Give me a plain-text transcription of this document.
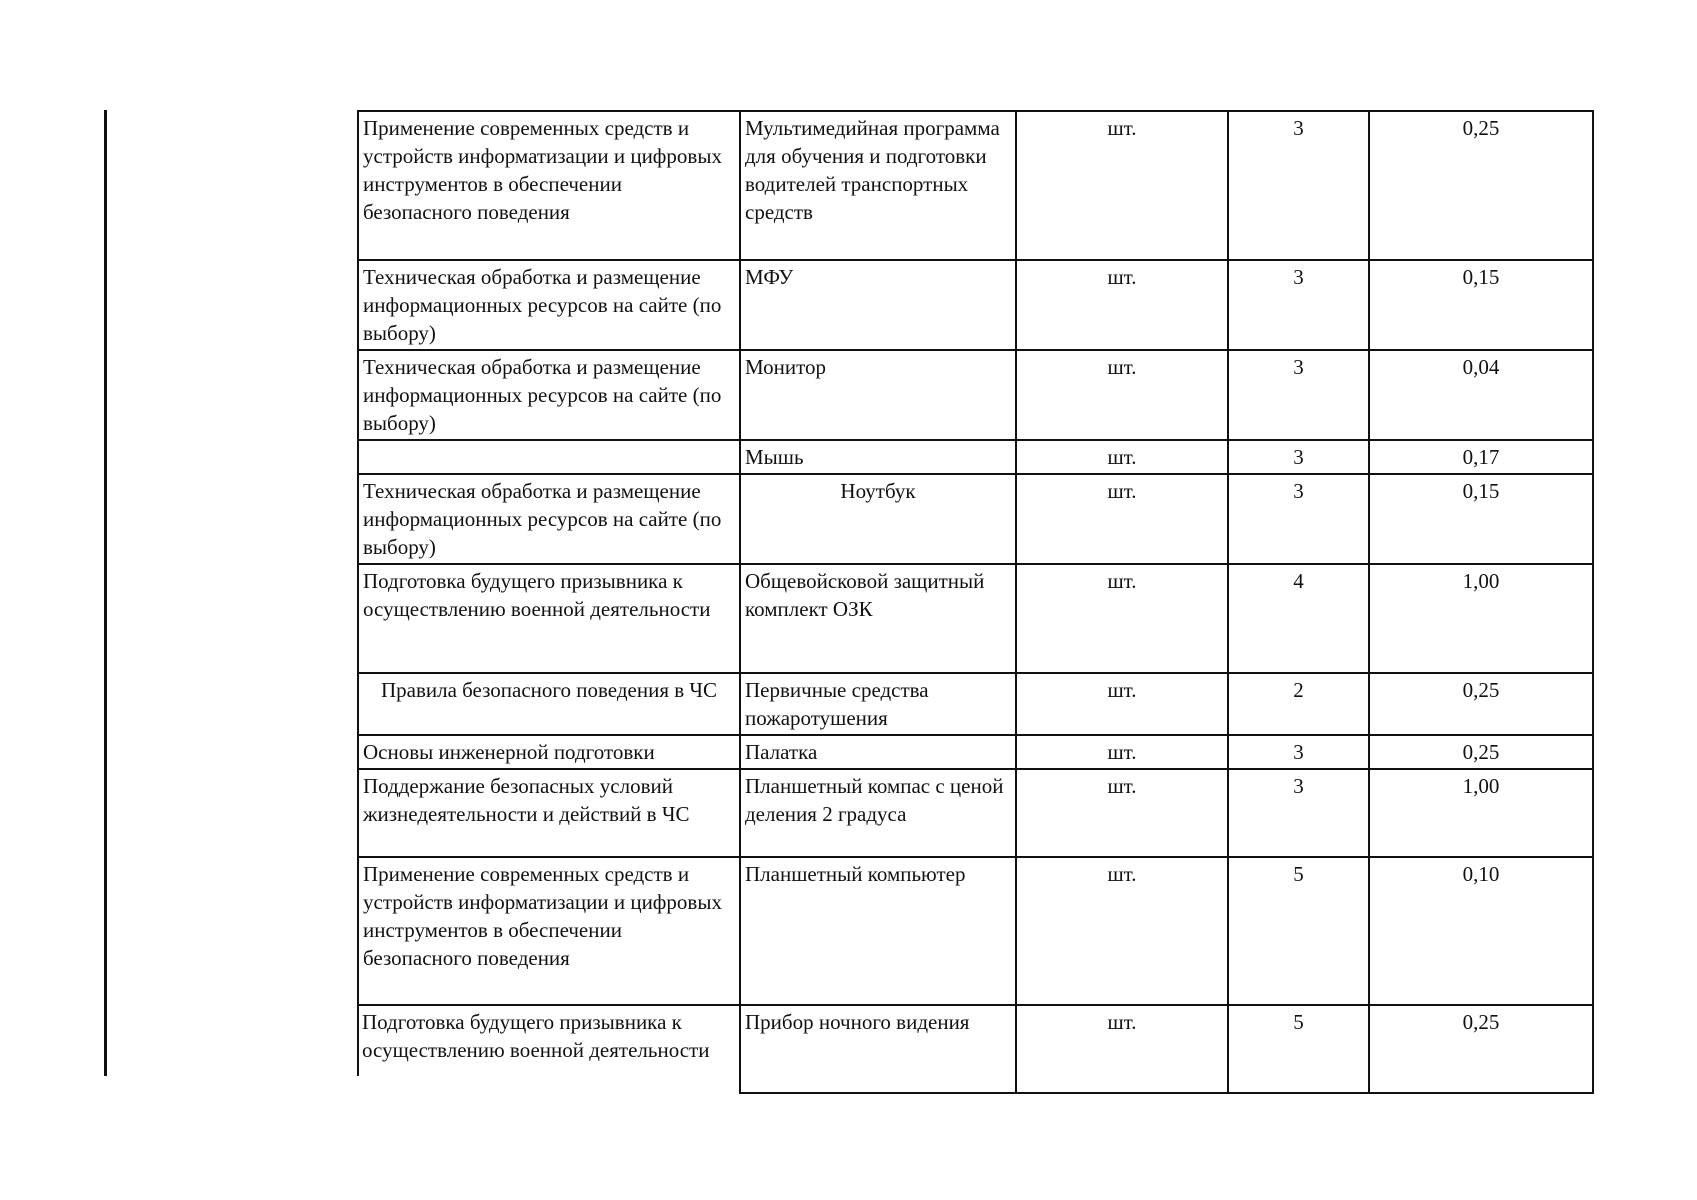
Применение современных средств и устройств информатизации и цифровых инструментов в обеспечении безопасного поведения	Мультимедийная программа для обучения и подготовки водителей транспортных средств	шт.	3	0,25
Техническая обработка и размещение информационных ресурсов на сайте (по выбору)	МФУ	шт.	3	0,15
Техническая обработка и размещение информационных ресурсов на сайте (по выбору)	Монитор	шт.	3	0,04
	Мышь	шт.	3	0,17
Техническая обработка и размещение информационных ресурсов на сайте (по выбору)	Ноутбук	шт.	3	0,15
Подготовка будущего призывника к осуществлению военной деятельности	Общевойсковой защитный комплект ОЗК	шт.	4	1,00
Правила безопасного поведения в ЧС	Первичные средства пожаротушения	шт.	2	0,25
Основы инженерной подготовки	Палатка	шт.	3	0,25
Поддержание безопасных условий жизнедеятельности и действий в ЧС	Планшетный компас с ценой деления 2 градуса	шт.	3	1,00
Применение современных средств и устройств информатизации и цифровых инструментов в обеспечении безопасного поведения	Планшетный компьютер	шт.	5	0,10
Подготовка будущего призывника к осуществлению военной деятельности	Прибор ночного видения	шт.	5	0,25
